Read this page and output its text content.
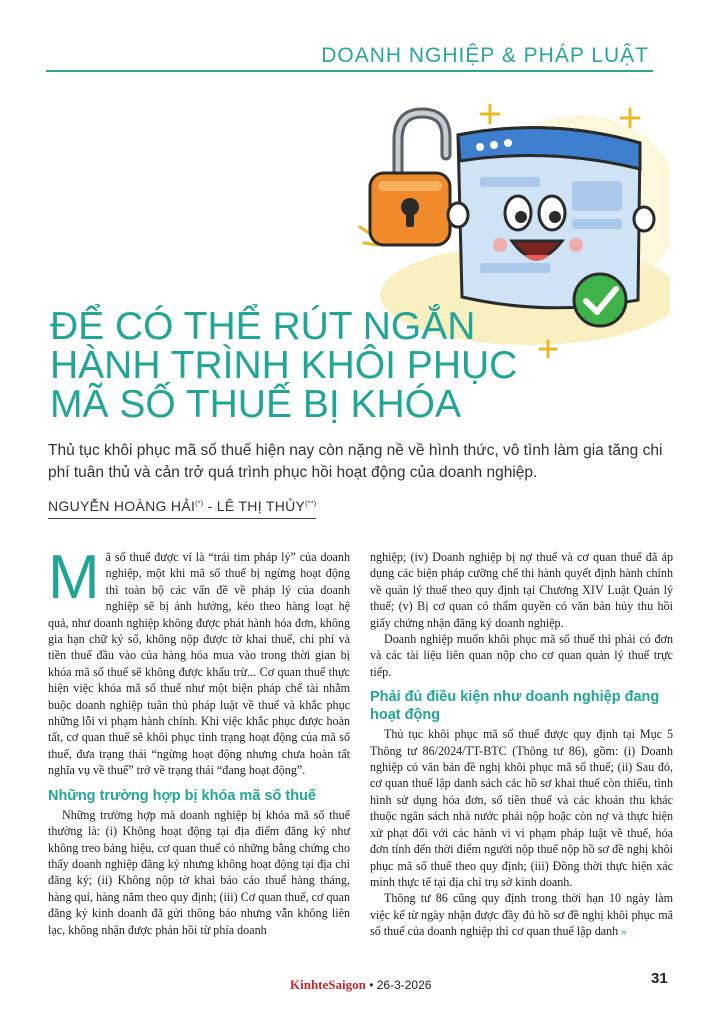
DOANH NGHIỆP & PHÁP LUẬT
ĐỂ CÓ THỂ RÚT NGẮN
HÀNH TRÌNH KHÔI PHỤC
MÃ SỐ THUẾ BỊ KHÓA
Thủ tục khôi phục mã số thuế hiện nay còn nặng nề về hình thức, vô tình làm gia tăng chi phí tuân thủ và cản trở quá trình phục hồi hoạt động của doanh nghiệp.
NGUYỄN HOÀNG HẢI(*) - LÊ THỊ THỦY(**)

Mã số thuế được ví là “trái tim pháp lý” của doanh nghiệp, một khi mã số thuế bị ngừng hoạt động thì toàn bộ các vấn đề về pháp lý của doanh nghiệp sẽ bị ảnh hưởng, kéo theo hàng loạt hệ quả, như doanh nghiệp không được phát hành hóa đơn, không gia hạn chữ ký số, không nộp được tờ khai thuế, chi phí và tiền thuế đầu vào của hàng hóa mua vào trong thời gian bị khóa mã số thuế sẽ không được khấu trừ... Cơ quan thuế thực hiện việc khóa mã số thuế như một biện pháp chế tài nhằm buộc doanh nghiệp tuân thủ pháp luật về thuế và khắc phục những lỗi vi phạm hành chính. Khi việc khắc phục được hoàn tất, cơ quan thuế sẽ khôi phục tình trạng hoạt động của mã số thuế, đưa trạng thái “ngừng hoạt động nhưng chưa hoàn tất nghĩa vụ về thuế” trở về trạng thái “đang hoạt động”.

Những trường hợp bị khóa mã số thuế

Những trường hợp mà doanh nghiệp bị khóa mã số thuế thường là: (i) Không hoạt động tại địa điểm đăng ký như không treo bảng hiệu, cơ quan thuế có những bằng chứng cho thấy doanh nghiệp đăng ký nhưng không hoạt động tại địa chỉ đăng ký; (ii) Không nộp tờ khai báo cáo thuế hàng tháng, hàng quí, hàng năm theo quy định; (iii) Cơ quan thuế, cơ quan đăng ký kinh doanh đã gửi thông báo nhưng vẫn không liên lạc, không nhận được phản hồi từ phía doanh

nghiệp; (iv) Doanh nghiệp bị nợ thuế và cơ quan thuế đã áp dụng các biện pháp cưỡng chế thi hành quyết định hành chính về quản lý thuế theo quy định tại Chương XIV Luật Quản lý thuế; (v) Bị cơ quan có thẩm quyền có văn bản hủy thu hồi giấy chứng nhận đăng ký doanh nghiệp.

Doanh nghiệp muốn khôi phục mã số thuế thì phải có đơn và các tài liệu liên quan nộp cho cơ quan quản lý thuế trực tiếp.

Phải đủ điều kiện như doanh nghiệp đang hoạt động

Thủ tục khôi phục mã số thuế được quy định tại Mục 5 Thông tư 86/2024/TT-BTC (Thông tư 86), gồm: (i) Doanh nghiệp có văn bản đề nghị khôi phục mã số thuế; (ii) Sau đó, cơ quan thuế lập danh sách các hồ sơ khai thuế còn thiếu, tình hình sử dụng hóa đơn, số tiền thuế và các khoản thu khác thuộc ngân sách nhà nước phải nộp hoặc còn nợ và thực hiện xử phạt đối với các hành vi vi phạm pháp luật về thuế, hóa đơn tính đến thời điểm người nộp thuế nộp hồ sơ đề nghị khôi phục mã số thuế theo quy định; (iii) Đồng thời thực hiện xác minh thực tế tại địa chỉ trụ sở kinh doanh.

Thông tư 86 cũng quy định trong thời hạn 10 ngày làm việc kể từ ngày nhận được đầy đủ hồ sơ đề nghị khôi phục mã số thuế của doanh nghiệp thì cơ quan thuế lập danh »

KinhteSaigon • 26-3-2026	31
